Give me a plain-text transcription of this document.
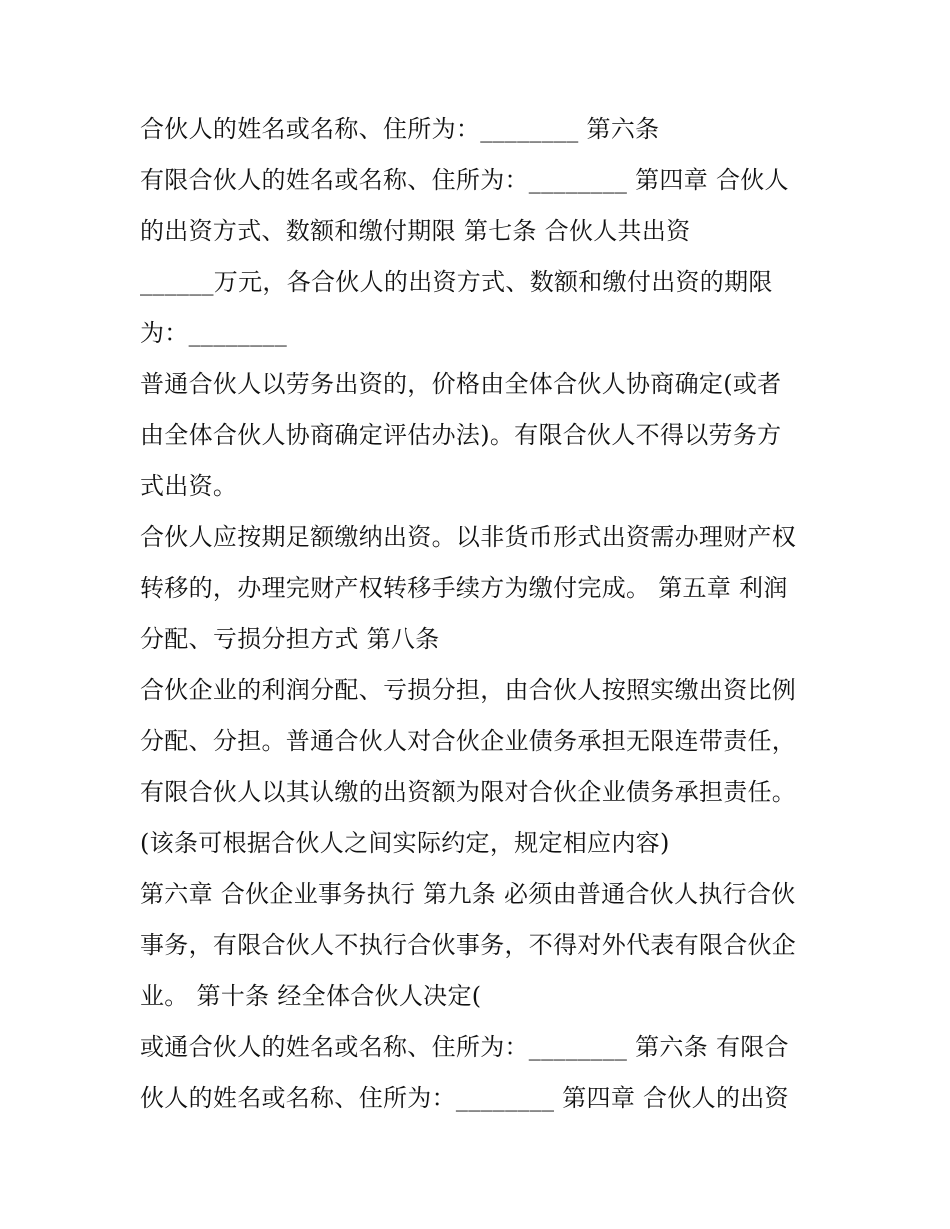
合伙人的姓名或名称、住所为：________ 第六条
有限合伙人的姓名或名称、住所为：________ 第四章 合伙人
的出资方式、数额和缴付期限 第七条 合伙人共出资
______万元，各合伙人的出资方式、数额和缴付出资的期限
为：________
普通合伙人以劳务出资的，价格由全体合伙人协商确定(或者
由全体合伙人协商确定评估办法)。有限合伙人不得以劳务方
式出资。
合伙人应按期足额缴纳出资。以非货币形式出资需办理财产权
转移的，办理完财产权转移手续方为缴付完成。 第五章 利润
分配、亏损分担方式 第八条
合伙企业的利润分配、亏损分担，由合伙人按照实缴出资比例
分配、分担。普通合伙人对合伙企业债务承担无限连带责任，
有限合伙人以其认缴的出资额为限对合伙企业债务承担责任。
(该条可根据合伙人之间实际约定，规定相应内容)
第六章 合伙企业事务执行 第九条 必须由普通合伙人执行合伙
事务，有限合伙人不执行合伙事务，不得对外代表有限合伙企
业。 第十条 经全体合伙人决定(
或通合伙人的姓名或名称、住所为：________ 第六条 有限合
伙人的姓名或名称、住所为：________ 第四章 合伙人的出资
